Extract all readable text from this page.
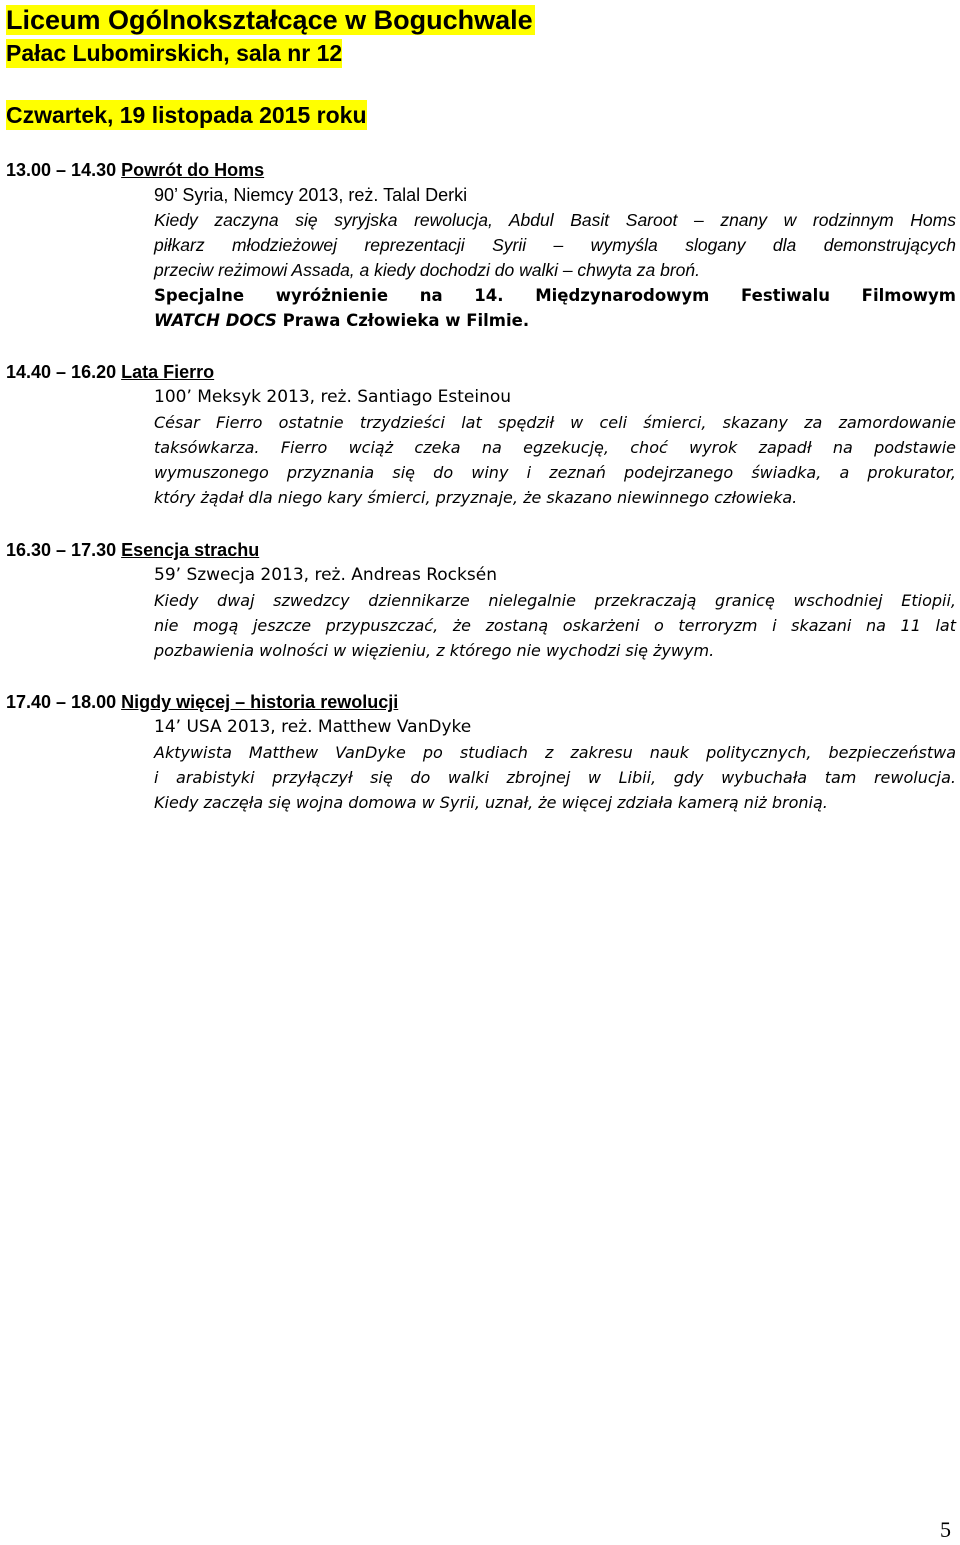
Liceum Ogólnokształcące w Boguchwale
Pałac Lubomirskich, sala nr 12
Czwartek, 19 listopada 2015 roku
13.00 – 14.30 Powrót do Homs
90’ Syria, Niemcy 2013, reż. Talal Derki
Kiedy zaczyna się syryjska rewolucja, Abdul Basit Saroot – znany w rodzinnym Homs
piłkarz młodzieżowej reprezentacji Syrii – wymyśla slogany dla demonstrujących
przeciw reżimowi Assada, a kiedy dochodzi do walki – chwyta za broń.
Specjalne wyróżnienie na 14. Międzynarodowym Festiwalu Filmowym
WATCH DOCS Prawa Człowieka w Filmie.
14.40 – 16.20 Lata Fierro
100’ Meksyk 2013, reż. Santiago Esteinou
César Fierro ostatnie trzydzieści lat spędził w celi śmierci, skazany za zamordowanie
taksówkarza. Fierro wciąż czeka na egzekucję, choć wyrok zapadł na podstawie
wymuszonego przyznania się do winy i zeznań podejrzanego świadka, a prokurator,
który żądał dla niego kary śmierci, przyznaje, że skazano niewinnego człowieka.
16.30 – 17.30 Esencja strachu
59’ Szwecja 2013, reż. Andreas Rocksén
Kiedy dwaj szwedzcy dziennikarze nielegalnie przekraczają granicę wschodniej Etiopii,
nie mogą jeszcze przypuszczać, że zostaną oskarżeni o terroryzm i skazani na 11 lat
pozbawienia wolności w więzieniu, z którego nie wychodzi się żywym.
17.40 – 18.00 Nigdy więcej – historia rewolucji
14’ USA 2013, reż. Matthew VanDyke
Aktywista Matthew VanDyke po studiach z zakresu nauk politycznych, bezpieczeństwa
i arabistyki przyłączył się do walki zbrojnej w Libii, gdy wybuchała tam rewolucja.
Kiedy zaczęła się wojna domowa w Syrii, uznał, że więcej zdziała kamerą niż bronią.
5
